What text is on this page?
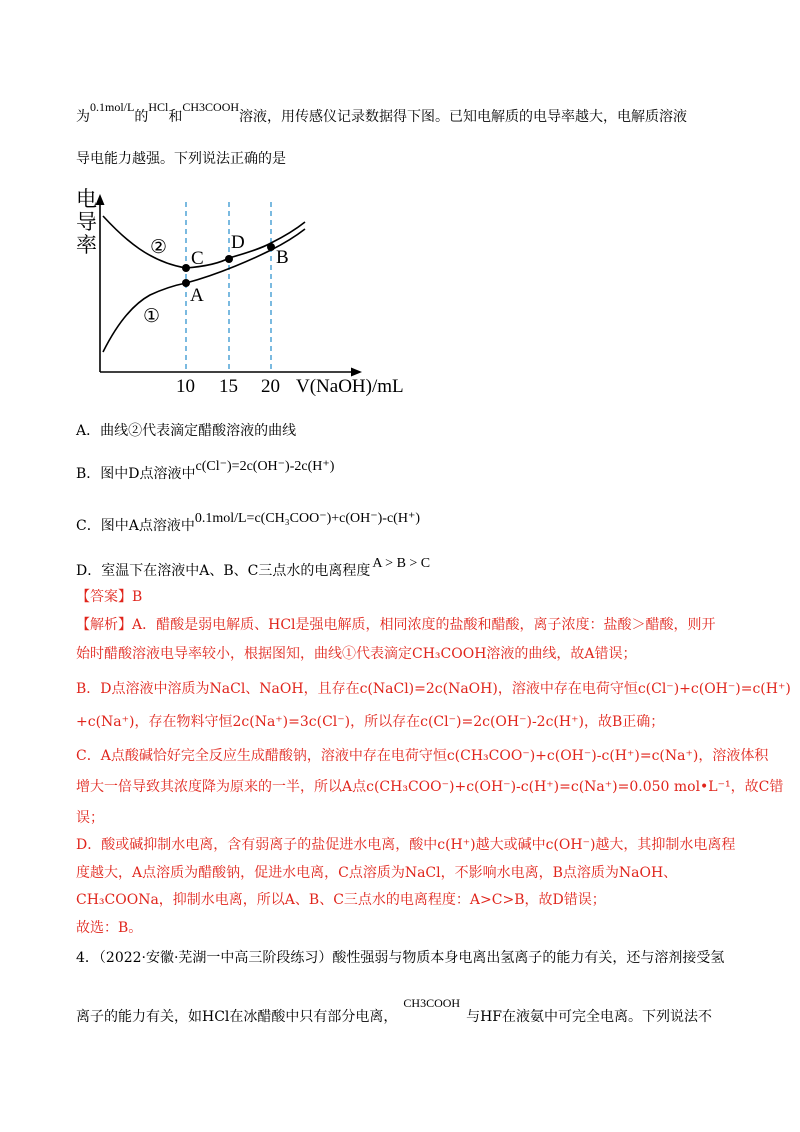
为0.1mol/L的HCl和CH3COOH溶液，用传感仪记录数据得下图。已知电解质的电导率越大，电解质溶液
导电能力越强。下列说法正确的是
电
导
率
A
B
C
D
②
①
10 15 20 V(NaOH)/mL
A．曲线②代表滴定醋酸溶液的曲线
B．图中D点溶液中c(Cl⁻)=2c(OH⁻)-2c(H⁺)
C．图中A点溶液中0.1mol/L=c(CH₃COO⁻)+c(OH⁻)-c(H⁺)
D．室温下在溶液中A、B、C三点水的电离程度 A > B > C
【答案】B
【解析】A．醋酸是弱电解质、HCl是强电解质，相同浓度的盐酸和醋酸，离子浓度：盐酸＞醋酸，则开
始时醋酸溶液电导率较小，根据图知，曲线①代表滴定CH₃COOH溶液的曲线，故A错误；
B．D点溶液中溶质为NaCl、NaOH，且存在c(NaCl)=2c(NaOH)，溶液中存在电荷守恒c(Cl⁻)+c(OH⁻)=c(H⁺)
+c(Na⁺)，存在物料守恒2c(Na⁺)=3c(Cl⁻)，所以存在c(Cl⁻)=2c(OH⁻)-2c(H⁺)，故B正确；
C．A点酸碱恰好完全反应生成醋酸钠，溶液中存在电荷守恒c(CH₃COO⁻)+c(OH⁻)-c(H⁺)=c(Na⁺)，溶液体积
增大一倍导致其浓度降为原来的一半，所以A点c(CH₃COO⁻)+c(OH⁻)-c(H⁺)=c(Na⁺)=0.050 mol•L⁻¹，故C错
误；
D．酸或碱抑制水电离，含有弱离子的盐促进水电离，酸中c(H⁺)越大或碱中c(OH⁻)越大，其抑制水电离程
度越大，A点溶质为醋酸钠，促进水电离，C点溶质为NaCl，不影响水电离，B点溶质为NaOH、
CH₃COONa，抑制水电离，所以A、B、C三点水的电离程度：A>C>B，故D错误；
故选：B。
4．（2022·安徽·芜湖一中高三阶段练习）酸性强弱与物质本身电离出氢离子的能力有关，还与溶剂接受氢
离子的能力有关，如HCl在冰醋酸中只有部分电离，CH3COOH与HF在液氨中可完全电离。下列说法不
